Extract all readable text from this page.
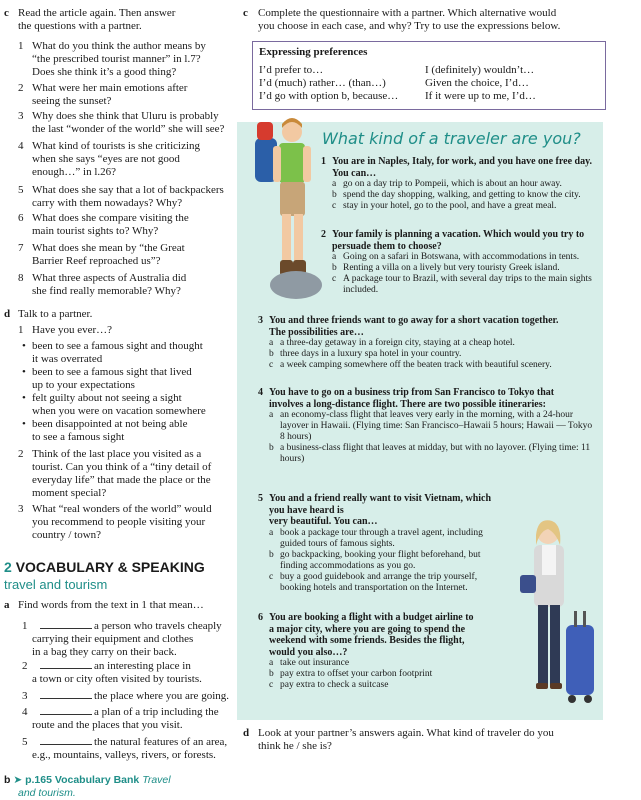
c Read the article again. Then answer
the questions with a partner.
1 What do you think the author means by
“the prescribed tourist manner” in l.7?
Does she think it’s a good thing?
2 What were her main emotions after
seeing the sunset?
3 Why does she think that Uluru is probably
the last “wonder of the world” she will see?
4 What kind of tourists is she criticizing
when she says “eyes are not good
enough…” in l.26?
5 What does she say that a lot of backpackers
carry with them nowadays? Why?
6 What does she compare visiting the
main tourist sights to? Why?
7 What does she mean by “the Great
Barrier Reef reproached us”?
8 What three aspects of Australia did
she find really memorable? Why?
d Talk to a partner.
1 Have you ever…?
• been to see a famous sight and thought
it was overrated
• been to see a famous sight that lived
up to your expectations
• felt guilty about not seeing a sight
when you were on vacation somewhere
• been disappointed at not being able
to see a famous sight
2 Think of the last place you visited as a
tourist. Can you think of a “tiny detail of
everyday life” that made the place or the
moment special?
3 What “real wonders of the world” would
you recommend to people visiting your
country / town?
2 VOCABULARY & SPEAKING
travel and tourism
a Find words from the text in 1 that mean…
1	a person who travels cheaply
carrying their equipment and clothes
in a bag they carry on their back.
2	an interesting place in
a town or city often visited by tourists.
3	the place where you are going.
4	a plan of a trip including the
route and the places that you visit.
5	the natural features of an area,
e.g., mountains, valleys, rivers, or forests.
b ➤ p.165 Vocabulary Bank Travel
and tourism.
c Complete the questionnaire with a partner. Which alternative would
you choose in each case, and why? Try to use the expressions below.
Expressing preferences
I’d prefer to…
I’d (much) rather… (than…)
I’d go with option b, because…
I (definitely) wouldn’t…
Given the choice, I’d…
If it were up to me, I’d…
What kind of a traveler are you?
1 You are in Naples, Italy, for work, and you have one free day.
You can…
a go on a day trip to Pompeii, which is about an hour away.
b spend the day shopping, walking, and getting to know the city.
c stay in your hotel, go to the pool, and have a great meal.
2 Your family is planning a vacation. Which would you try to
persuade them to choose?
a Going on a safari in Botswana, with accommodations in tents.
b Renting a villa on a lively but very touristy Greek island.
c A package tour to Brazil, with several day trips to the main sights included.
3 You and three friends want to go away for a short vacation together.
The possibilities are…
a a three-day getaway in a foreign city, staying at a cheap hotel.
b three days in a luxury spa hotel in your country.
c a week camping somewhere off the beaten track with beautiful scenery.
4 You have to go on a business trip from San Francisco to Tokyo that
involves a long-distance flight. There are two possible itineraries:
a an economy-class flight that leaves very early in the morning, with a 24-hour layover in Hawaii. (Flying time: San Francisco–Hawaii 5 hours; Hawaii — Tokyo 8 hours)
b a business-class flight that leaves at midday, but with no layover. (Flying time: 11 hours)
5 You and a friend really want to visit Vietnam, which you have heard is
very beautiful. You can…
a book a package tour through a travel agent, including guided tours of famous sights.
b go backpacking, booking your flight beforehand, but finding accommodations as you go.
c buy a good guidebook and arrange the trip yourself, booking hotels and transportation on the Internet.
6 You are booking a flight with a budget airline to
a major city, where you are going to spend the
weekend with some friends. Besides the flight,
would you also…?
a take out insurance
b pay extra to offset your carbon footprint
c pay extra to check a suitcase
d Look at your partner’s answers again. What kind of traveler do you
think he / she is?
